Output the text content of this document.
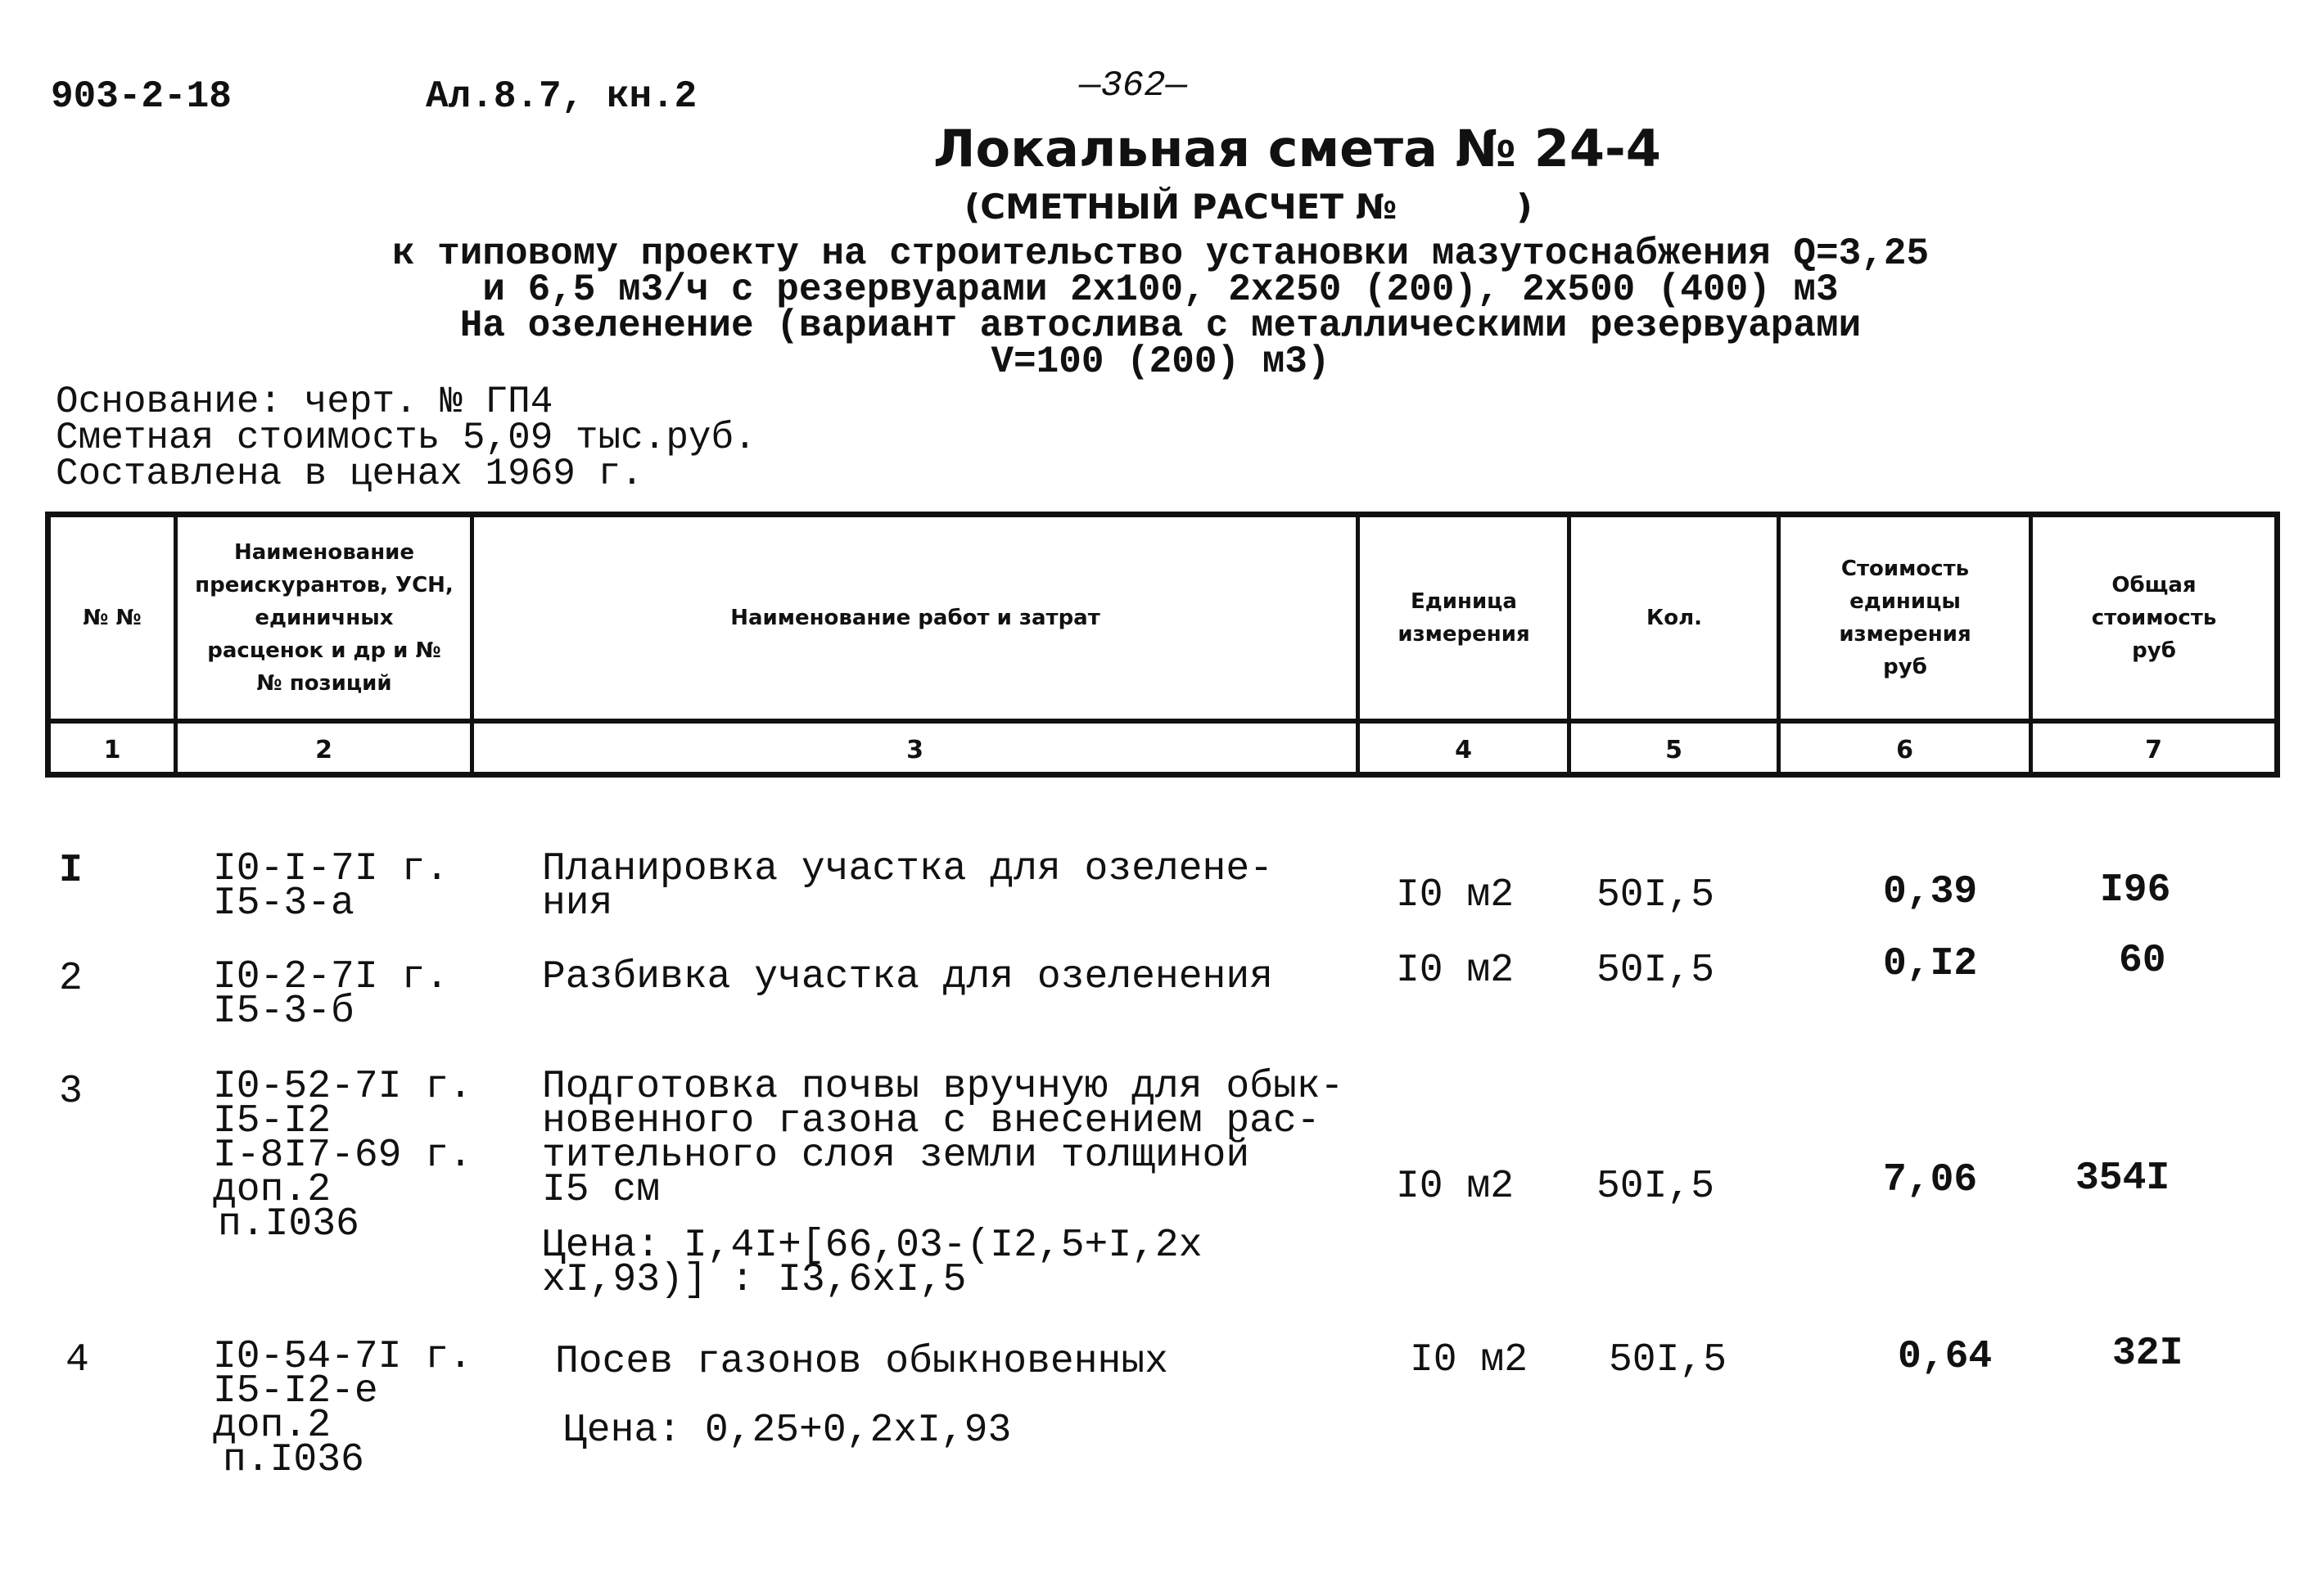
903-2-18	Ал.8.7, кн.2	—362—
Локальная смета № 24-4
(СМЕТНЫЙ РАСЧЕТ №          )
к типовому проекту на строительство установки мазутоснабжения Q=3,25
и 6,5 м3/ч с резервуарами 2х100, 2х250 (200), 2х500 (400) м3
На озеленение (вариант автослива с металлическими резервуарами
V=100 (200) м3)
Основание: черт. № ГП4
Сметная стоимость 5,09 тыс.руб.
Составлена в ценах 1969 г.
№ №
Наименование преискурантов, УСН, единичных расценок и др и № № позиций
Наименование работ и затрат
Единица измерения
Кол.
Стоимость единицы измерения руб
Общая стоимость руб
1	2	3	4	5	6	7
I	I0-I-7I г.
I5-3-а
Планировка участка для озелене-
ния	I0 м2 50I,5	0,39	I96
2	I0-2-7I г.
I5-3-б
Разбивка участка для озеленения	I0 м2 50I,5	0,I2	60
3	I0-52-7I г.
I5-I2
I-8I7-69 г.
доп.2
п.I036
Подготовка почвы вручную для обык-
новенного газона с внесением рас-
тительного слоя земли толщиной
I5 см
Цена: I,4I+[66,03-(I2,5+I,2х
хI,93)] : I3,6хI,5
I0 м2 50I,5	7,06 354I
4	I0-54-7I г.
I5-I2-е
доп.2
п.I036
Посев газонов обыкновенных
Цена: 0,25+0,2хI,93
I0 м2 50I,5	0,64	32I
